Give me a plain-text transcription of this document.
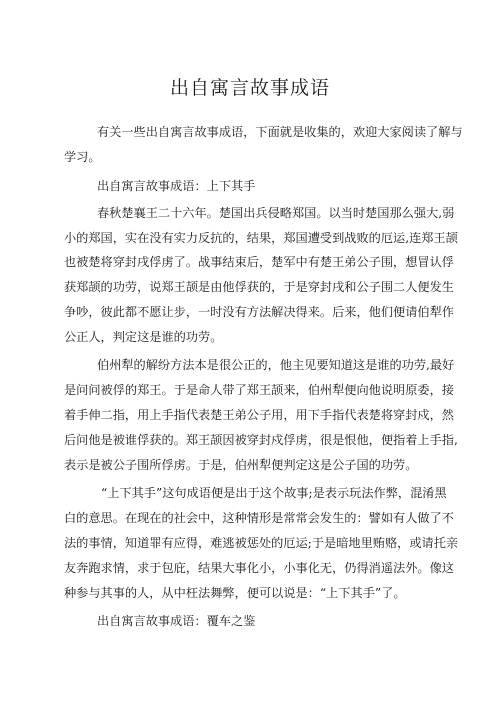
出自寓言故事成语

有关一些出自寓言故事成语，下面就是收集的，欢迎大家阅读了解与

学习。

出自寓言故事成语：上下其手

春秋楚襄王二十六年。楚国出兵侵略郑国。以当时楚国那么强大,弱

小的郑国，实在没有实力反抗的，结果，郑国遭受到战败的厄运,连郑王颉

也被楚将穿封戌俘虏了。战事结束后，楚军中有楚王弟公子围，想冒认俘

获郑颉的功劳，说郑王颉是由他俘获的，于是穿封戌和公子围二人便发生

争吵，彼此都不愿让步，一时没有方法解决得来。后来，他们便请伯犁作

公正人，判定这是谁的功劳。

伯州犁的解纷方法本是很公正的，他主见要知道这是谁的功劳,最好

是问问被俘的郑王。于是命人带了郑王颉来，伯州犁便向他说明原委，接

着手伸二指，用上手指代表楚王弟公子用，用下手指代表楚将穿封戍，然

后问他是被谁俘获的。郑王颉因被穿封戍俘虏，很是恨他，便指着上手指,

表示是被公子围所俘虏。于是，伯州犁便判定这是公子国的功劳。

“上下其手”这句成语便是出于这个故事;是表示玩法作弊，混淆黑

白的意思。在现在的社会中，这种情形是常常会发生的：譬如有人做了不

法的事情，知道罪有应得，难逃被惩处的厄运;于是暗地里贿赂，或请托亲

友奔跑求情，求于包庇，结果大事化小，小事化无，仍得消遥法外。像这

种参与其事的人，从中枉法舞弊，便可以说是：“上下其手”了。

出自寓言故事成语：覆车之鉴
